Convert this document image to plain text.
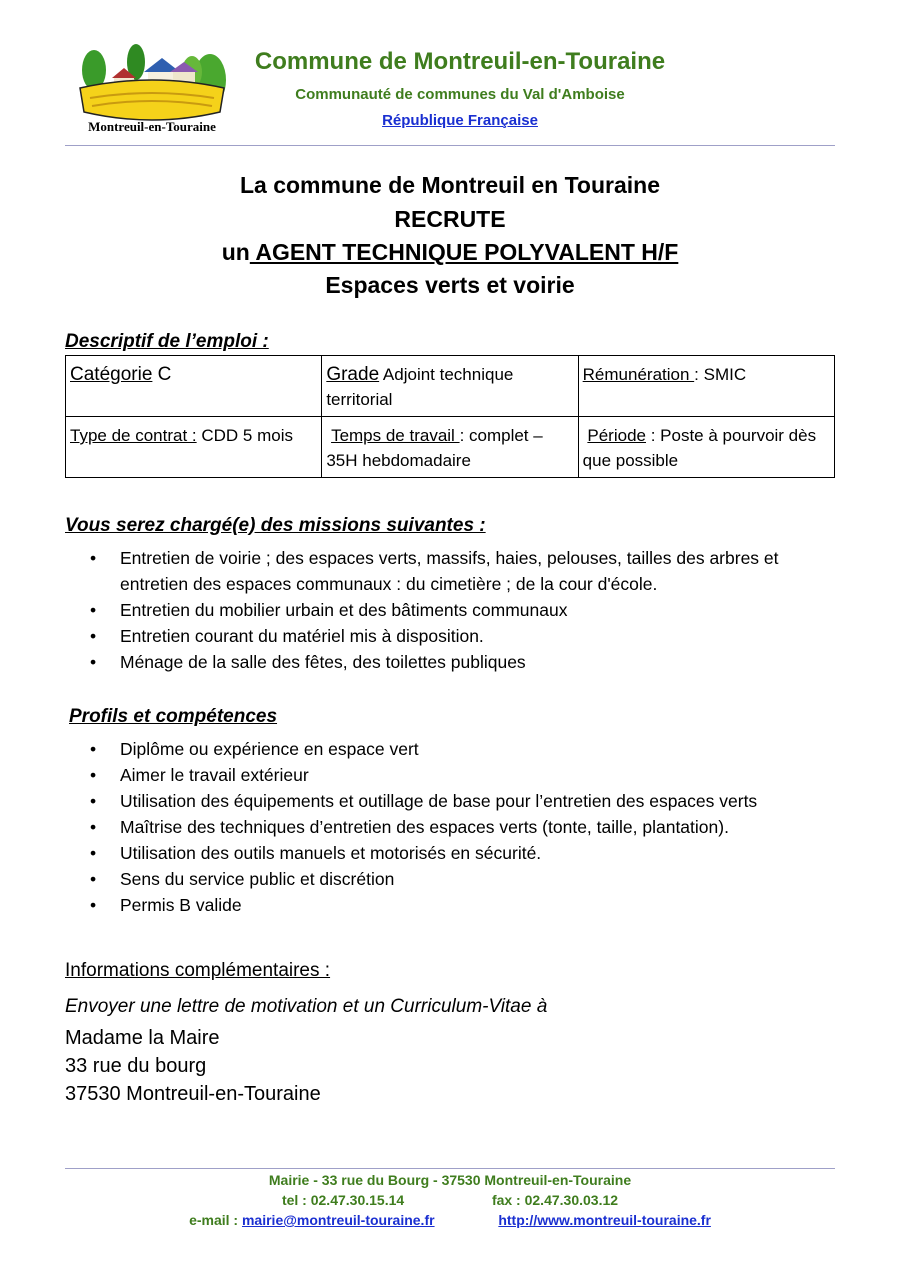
Montreuil-en-Touraine
Commune de Montreuil-en-Touraine
Communauté de communes du Val d'Amboise
République Française
La commune de Montreuil en Touraine
RECRUTE
un AGENT TECHNIQUE POLYVALENT H/F
Espaces verts et voirie
Descriptif de l’emploi :
Catégorie C	Grade Adjoint technique territorial	Rémunération : SMIC
Type de contrat : CDD 5 mois	Temps de travail : complet – 35H hebdomadaire	Période : Poste à pourvoir dès que possible
Vous serez chargé(e) des missions suivantes :
• Entretien de voirie ; des espaces verts, massifs, haies, pelouses, tailles des arbres et entretien des espaces communaux : du cimetière ; de la cour d'école.
• Entretien du mobilier urbain et des bâtiments communaux
• Entretien courant du matériel mis à disposition.
• Ménage de la salle des fêtes, des toilettes publiques
Profils et compétences
• Diplôme ou expérience en espace vert
• Aimer le travail extérieur
• Utilisation des équipements et outillage de base pour l’entretien des espaces verts
• Maîtrise des techniques d’entretien des espaces verts (tonte, taille, plantation).
• Utilisation des outils manuels et motorisés en sécurité.
• Sens du service public et discrétion
• Permis B valide
Informations complémentaires :
Envoyer une lettre de motivation et un Curriculum-Vitae à
Madame la Maire
33 rue du bourg
37530 Montreuil-en-Touraine
Mairie - 33 rue du Bourg - 37530 Montreuil-en-Touraine
tel : 02.47.30.15.14	fax : 02.47.30.03.12
e-mail : mairie@montreuil-touraine.fr	http://www.montreuil-touraine.fr
